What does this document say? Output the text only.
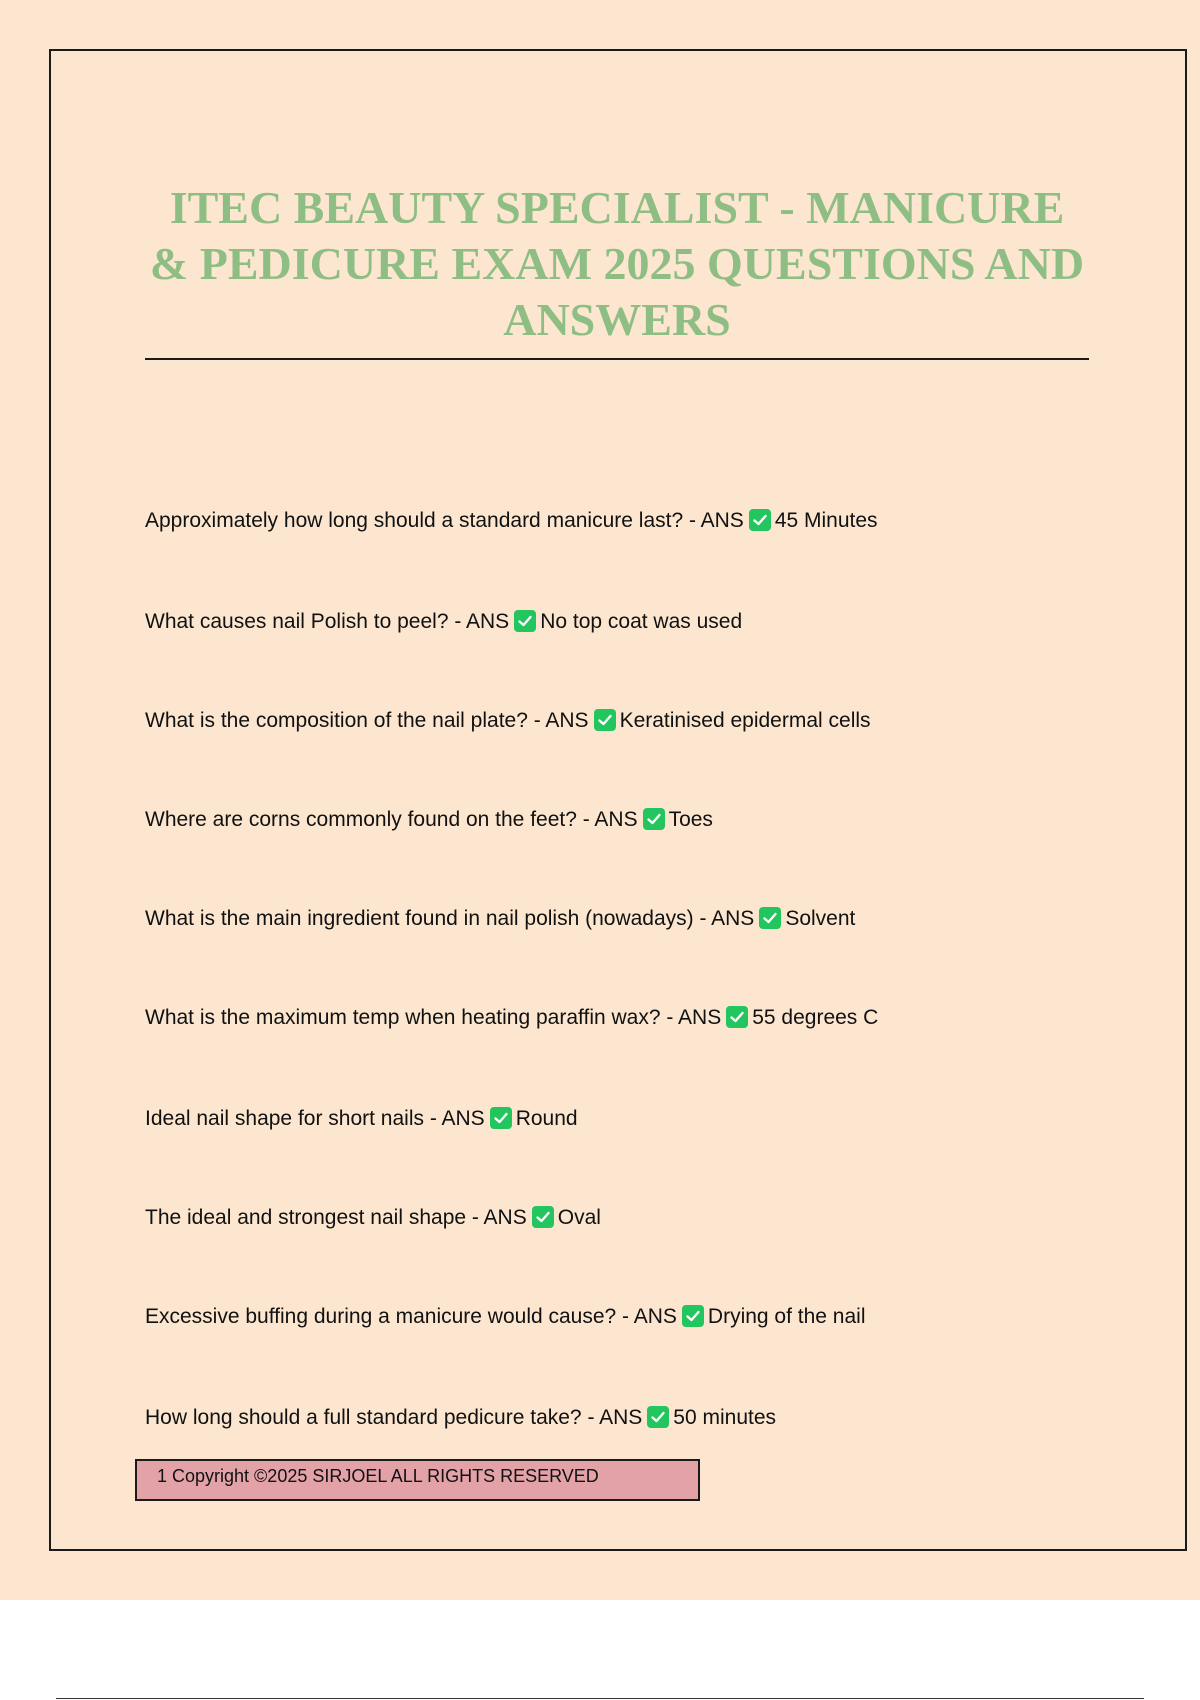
ITEC BEAUTY SPECIALIST - MANICURE & PEDICURE EXAM 2025 QUESTIONS AND ANSWERS
Approximately how long should a standard manicure last? - ANS 45 Minutes
What causes nail Polish to peel? - ANS No top coat was used
What is the composition of the nail plate? - ANS Keratinised epidermal cells
Where are corns commonly found on the feet? - ANS Toes
What is the main ingredient found in nail polish (nowadays) - ANS Solvent
What is the maximum temp when heating paraffin wax? - ANS 55 degrees C
Ideal nail shape for short nails - ANS Round
The ideal and strongest nail shape - ANS Oval
Excessive buffing during a manicure would cause? - ANS Drying of the nail
How long should a full standard pedicure take? - ANS 50 minutes
1 Copyright ©2025 SIRJOEL ALL RIGHTS RESERVED
